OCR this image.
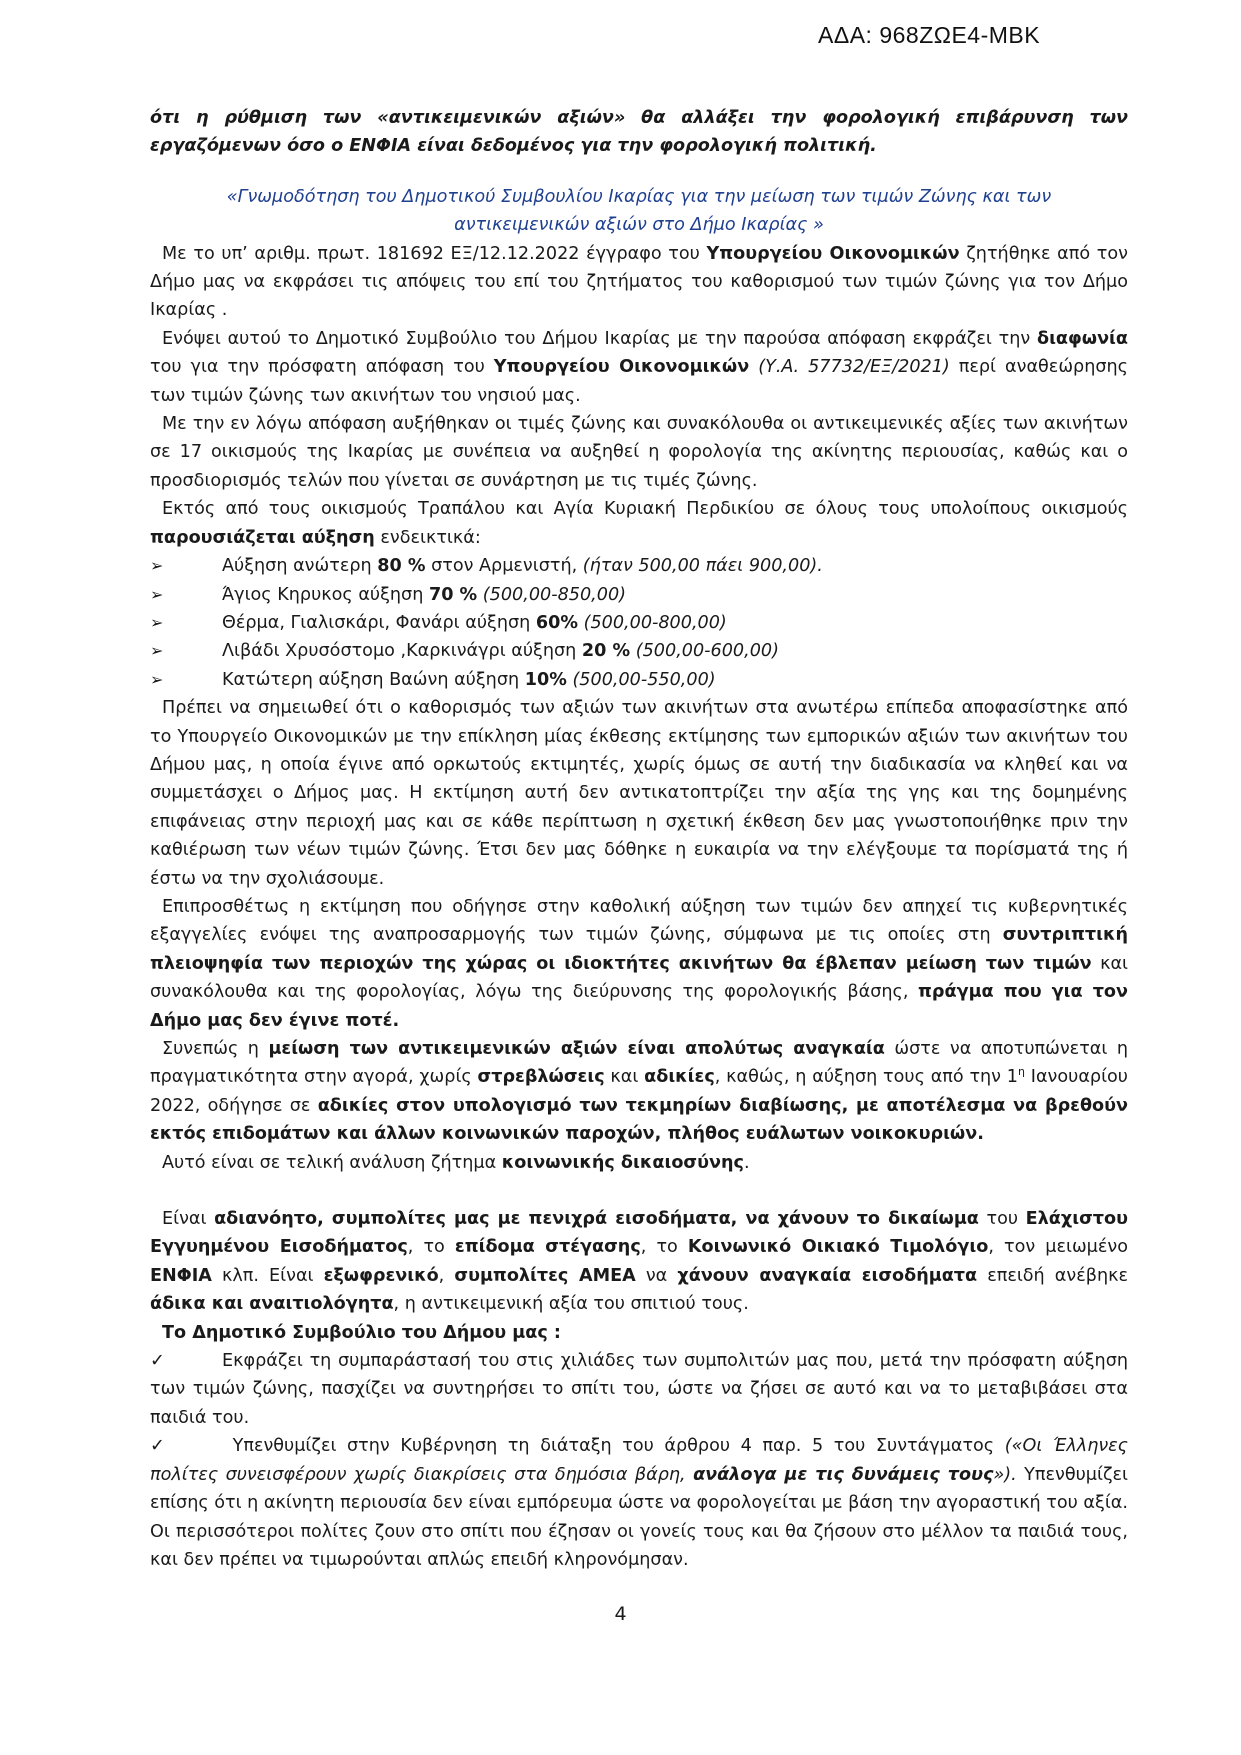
ΑΔΑ: 968ΖΩΕ4-ΜΒΚ

ότι η ρύθμιση των «αντικειμενικών αξιών» θα αλλάξει την φορολογική επιβάρυνση των εργαζόμενων όσο ο ΕΝΦΙΑ είναι δεδομένος για την φορολογική πολιτική.

«Γνωμοδότηση του Δημοτικού Συμβουλίου Ικαρίας για την μείωση των τιμών Ζώνης και των
αντικειμενικών αξιών στο Δήμο Ικαρίας »

Με το υπ’ αριθμ. πρωτ. 181692 ΕΞ/12.12.2022 έγγραφο του Υπουργείου Οικονομικών ζητήθηκε από τον Δήμο μας να εκφράσει τις απόψεις του επί του ζητήματος του καθορισμού των τιμών ζώνης για τον Δήμο Ικαρίας .

Ενόψει αυτού το Δημοτικό Συμβούλιο του Δήμου Ικαρίας με την παρούσα απόφαση εκφράζει την διαφωνία του για την πρόσφατη απόφαση του Υπουργείου Οικονομικών (Υ.Α. 57732/ΕΞ/2021) περί αναθεώρησης των τιμών ζώνης των ακινήτων του νησιού μας.

Με την εν λόγω απόφαση αυξήθηκαν οι τιμές ζώνης και συνακόλουθα οι αντικειμενικές αξίες των ακινήτων σε 17 οικισμούς της Ικαρίας με συνέπεια να αυξηθεί η φορολογία της ακίνητης περιουσίας, καθώς και ο προσδιορισμός τελών που γίνεται σε συνάρτηση με τις τιμές ζώνης.

Εκτός από τους οικισμούς Τραπάλου και Αγία Κυριακή Περδικίου σε όλους τους υπολοίπους οικισμούς παρουσιάζεται αύξηση ενδεικτικά:

➢	Αύξηση ανώτερη 80 % στον Αρμενιστή, (ήταν 500,00 πάει 900,00).
➢	Άγιος Κηρυκος αύξηση 70 % (500,00-850,00)
➢	Θέρμα, Γιαλισκάρι, Φανάρι αύξηση 60% (500,00-800,00)
➢	Λιβάδι Χρυσόστομο ,Καρκινάγρι αύξηση 20 % (500,00-600,00)
➢	Κατώτερη αύξηση Βαώνη αύξηση 10% (500,00-550,00)

Πρέπει να σημειωθεί ότι ο καθορισμός των αξιών των ακινήτων στα ανωτέρω επίπεδα αποφασίστηκε από το Υπουργείο Οικονομικών με την επίκληση μίας έκθεσης εκτίμησης των εμπορικών αξιών των ακινήτων του Δήμου μας, η οποία έγινε από ορκωτούς εκτιμητές, χωρίς όμως σε αυτή την διαδικασία να κληθεί και να συμμετάσχει ο Δήμος μας. Η εκτίμηση αυτή δεν αντικατοπτρίζει την αξία της γης και της δομημένης επιφάνειας στην περιοχή μας και σε κάθε περίπτωση η σχετική έκθεση δεν μας γνωστοποιήθηκε πριν την καθιέρωση των νέων τιμών ζώνης. Έτσι δεν μας δόθηκε η ευκαιρία να την ελέγξουμε τα πορίσματά της ή έστω να την σχολιάσουμε.

Επιπροσθέτως η εκτίμηση που οδήγησε στην καθολική αύξηση των τιμών δεν απηχεί τις κυβερνητικές εξαγγελίες ενόψει της αναπροσαρμογής των τιμών ζώνης, σύμφωνα με τις οποίες στη συντριπτική πλειοψηφία των περιοχών της χώρας οι ιδιοκτήτες ακινήτων θα έβλεπαν μείωση των τιμών και συνακόλουθα και της φορολογίας, λόγω της διεύρυνσης της φορολογικής βάσης, πράγμα που για τον Δήμο μας δεν έγινε ποτέ.

Συνεπώς η μείωση των αντικειμενικών αξιών είναι απολύτως αναγκαία ώστε να αποτυπώνεται η πραγματικότητα στην αγορά, χωρίς στρεβλώσεις και αδικίες, καθώς, η αύξηση τους από την $1^\eta$ Ιανουαρίου 2022, οδήγησε σε αδικίες στον υπολογισμό των τεκμηρίων διαβίωσης, με αποτέλεσμα να βρεθούν εκτός επιδομάτων και άλλων κοινωνικών παροχών, πλήθος ευάλωτων νοικοκυριών.

Αυτό είναι σε τελική ανάλυση ζήτημα κοινωνικής δικαιοσύνης.

Είναι αδιανόητο, συμπολίτες μας με πενιχρά εισοδήματα, να χάνουν το δικαίωμα του Ελάχιστου Εγγυημένου Εισοδήματος, το επίδομα στέγασης, το Κοινωνικό Οικιακό Τιμολόγιο, τον μειωμένο ΕΝΦΙΑ κλπ. Είναι εξωφρενικό, συμπολίτες ΑΜΕΑ να χάνουν αναγκαία εισοδήματα επειδή ανέβηκε άδικα και αναιτιολόγητα, η αντικειμενική αξία του σπιτιού τους.

Το Δημοτικό Συμβούλιο του Δήμου μας :

✓	Εκφράζει τη συμπαράστασή του στις χιλιάδες των συμπολιτών μας που, μετά την πρόσφατη αύξηση των τιμών ζώνης, πασχίζει να συντηρήσει το σπίτι του, ώστε να ζήσει σε αυτό και να το μεταβιβάσει στα παιδιά του.

✓	Υπενθυμίζει στην Κυβέρνηση τη διάταξη του άρθρου 4 παρ. 5 του Συντάγματος («Οι Έλληνες πολίτες συνεισφέρουν χωρίς διακρίσεις στα δημόσια βάρη, ανάλογα με τις δυνάμεις τους»). Υπενθυμίζει επίσης ότι η ακίνητη περιουσία δεν είναι εμπόρευμα ώστε να φορολογείται με βάση την αγοραστική του αξία. Οι περισσότεροι πολίτες ζουν στο σπίτι που έζησαν οι γονείς τους και θα ζήσουν στο μέλλον τα παιδιά τους, και δεν πρέπει να τιμωρούνται απλώς επειδή κληρονόμησαν.

4
